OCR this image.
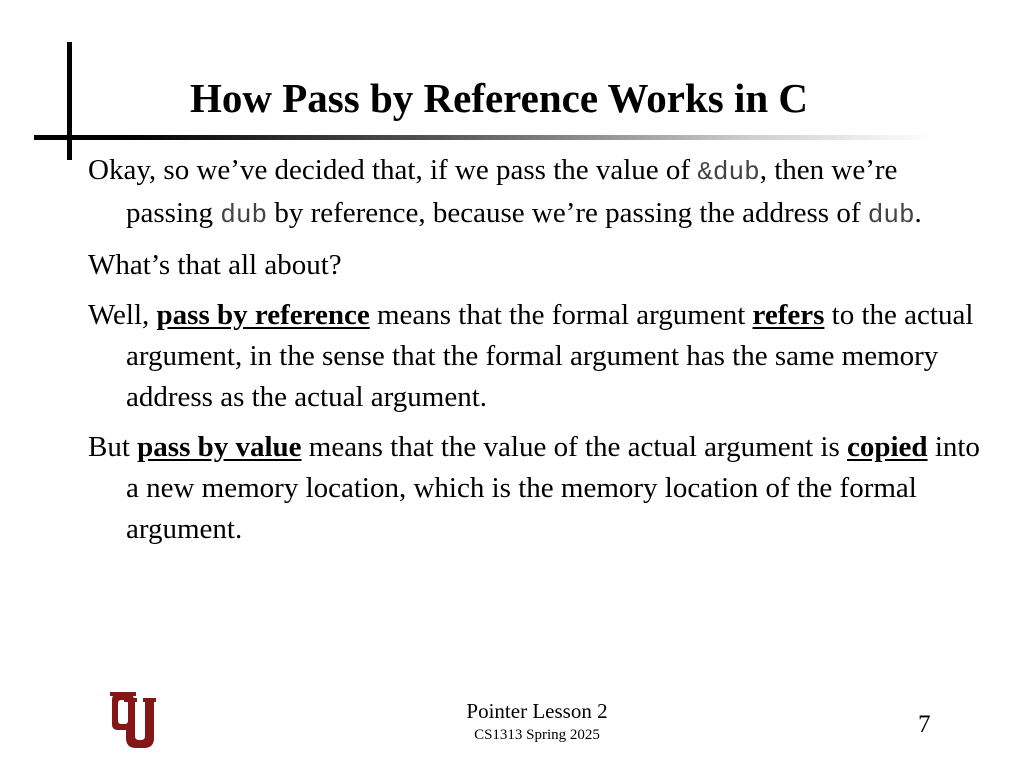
How Pass by Reference Works in C

Okay, so we’ve decided that, if we pass the value of &dub, then we’re passing dub by reference, because we’re passing the address of dub.

What’s that all about?

Well, pass by reference means that the formal argument refers to the actual argument, in the sense that the formal argument has the same memory address as the actual argument.

But pass by value means that the value of the actual argument is copied into a new memory location, which is the memory location of the formal argument.

Pointer Lesson 2
CS1313 Spring 2025	7
